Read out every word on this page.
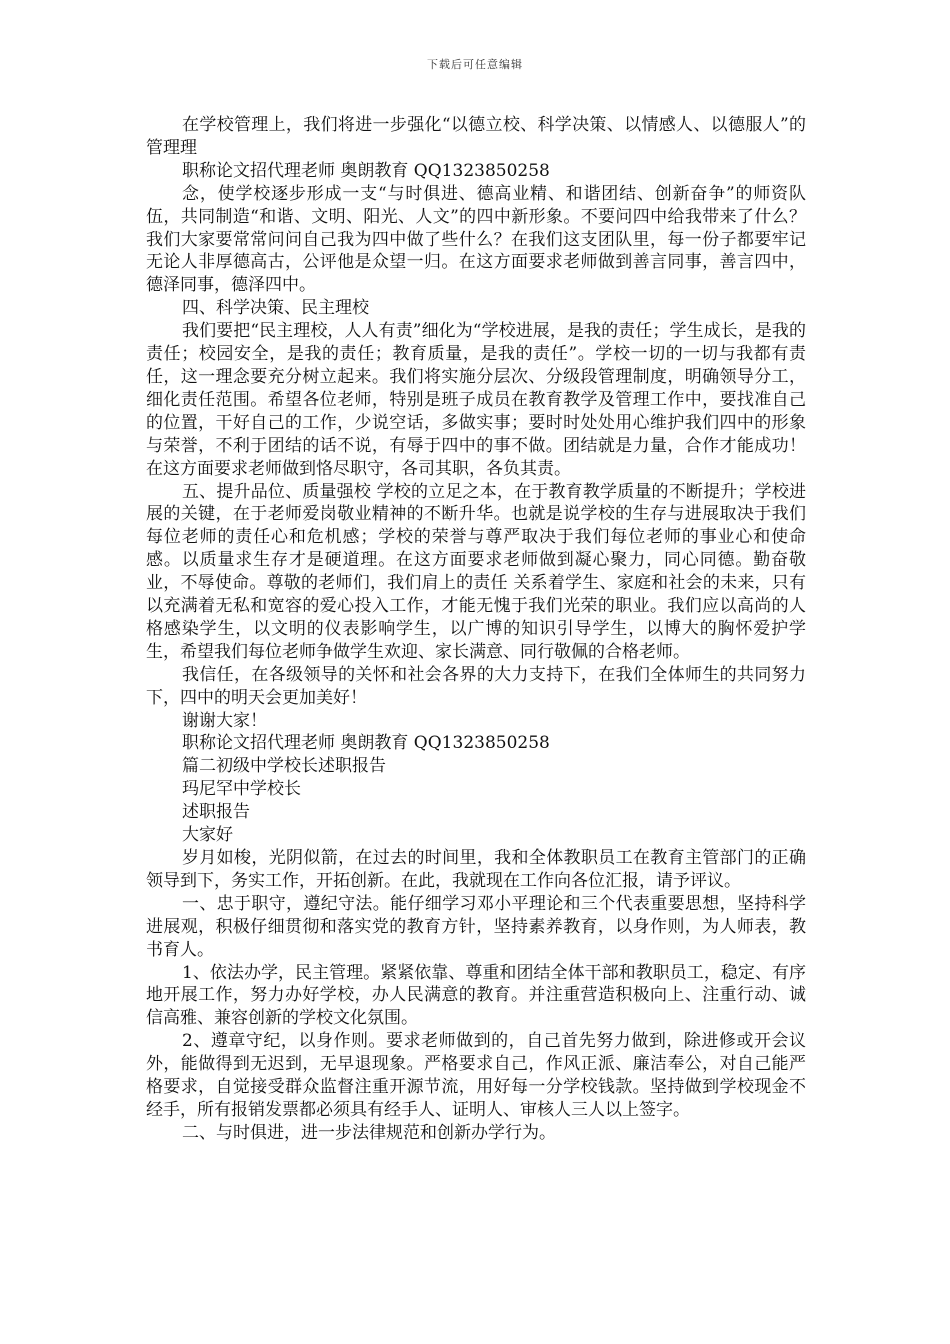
下载后可任意编辑

在学校管理上，我们将进一步强化“以德立校、科学决策、以情感人、以德服人”的管理理

职称论文招代理老师 奥朗教育 QQ1323850258

念，使学校逐步形成一支“与时俱进、德高业精、和谐团结、创新奋争”的师资队伍，共同制造“和谐、文明、阳光、人文”的四中新形象。不要问四中给我带来了什么？我们大家要常常问问自己我为四中做了些什么？在我们这支团队里，每一份子都要牢记无论人非厚德高古，公评他是众望一归。在这方面要求老师做到善言同事，善言四中，德泽同事，德泽四中。

四、科学决策、民主理校

我们要把“民主理校，人人有责”细化为“学校进展，是我的责任；学生成长，是我的责任；校园安全，是我的责任；教育质量，是我的责任”。学校一切的一切与我都有责任，这一理念要充分树立起来。我们将实施分层次、分级段管理制度，明确领导分工，细化责任范围。希望各位老师，特别是班子成员在教育教学及管理工作中，要找准自己的位置，干好自己的工作，少说空话，多做实事；要时时处处用心维护我们四中的形象与荣誉，不利于团结的话不说，有辱于四中的事不做。团结就是力量，合作才能成功！在这方面要求老师做到恪尽职守，各司其职，各负其责。

五、提升品位、质量强校 学校的立足之本，在于教育教学质量的不断提升；学校进展的关键，在于老师爱岗敬业精神的不断升华。也就是说学校的生存与进展取决于我们每位老师的责任心和危机感；学校的荣誉与尊严取决于我们每位老师的事业心和使命感。以质量求生存才是硬道理。在这方面要求老师做到凝心聚力，同心同德。勤奋敬业，不辱使命。尊敬的老师们，我们肩上的责任 关系着学生、家庭和社会的未来，只有以充满着无私和宽容的爱心投入工作，才能无愧于我们光荣的职业。我们应以高尚的人格感染学生，以文明的仪表影响学生，以广博的知识引导学生，以博大的胸怀爱护学生，希望我们每位老师争做学生欢迎、家长满意、同行敬佩的合格老师。

我信任，在各级领导的关怀和社会各界的大力支持下，在我们全体师生的共同努力下，四中的明天会更加美好！

谢谢大家！

职称论文招代理老师 奥朗教育 QQ1323850258

篇二初级中学校长述职报告

玛尼罕中学校长

述职报告

大家好

岁月如梭，光阴似箭，在过去的时间里，我和全体教职员工在教育主管部门的正确领导到下，务实工作，开拓创新。在此，我就现在工作向各位汇报，请予评议。

一、忠于职守，遵纪守法。能仔细学习邓小平理论和三个代表重要思想，坚持科学进展观，积极仔细贯彻和落实党的教育方针，坚持素养教育，以身作则，为人师表，教书育人。

1、依法办学，民主管理。紧紧依靠、尊重和团结全体干部和教职员工，稳定、有序地开展工作，努力办好学校，办人民满意的教育。并注重营造积极向上、注重行动、诚信高雅、兼容创新的学校文化氛围。

2、遵章守纪，以身作则。要求老师做到的，自己首先努力做到，除进修或开会议外，能做得到无迟到，无早退现象。严格要求自己，作风正派、廉洁奉公，对自己能严格要求，自觉接受群众监督注重开源节流，用好每一分学校钱款。坚持做到学校现金不经手，所有报销发票都必须具有经手人、证明人、审核人三人以上签字。

二、与时俱进，进一步法律规范和创新办学行为。
